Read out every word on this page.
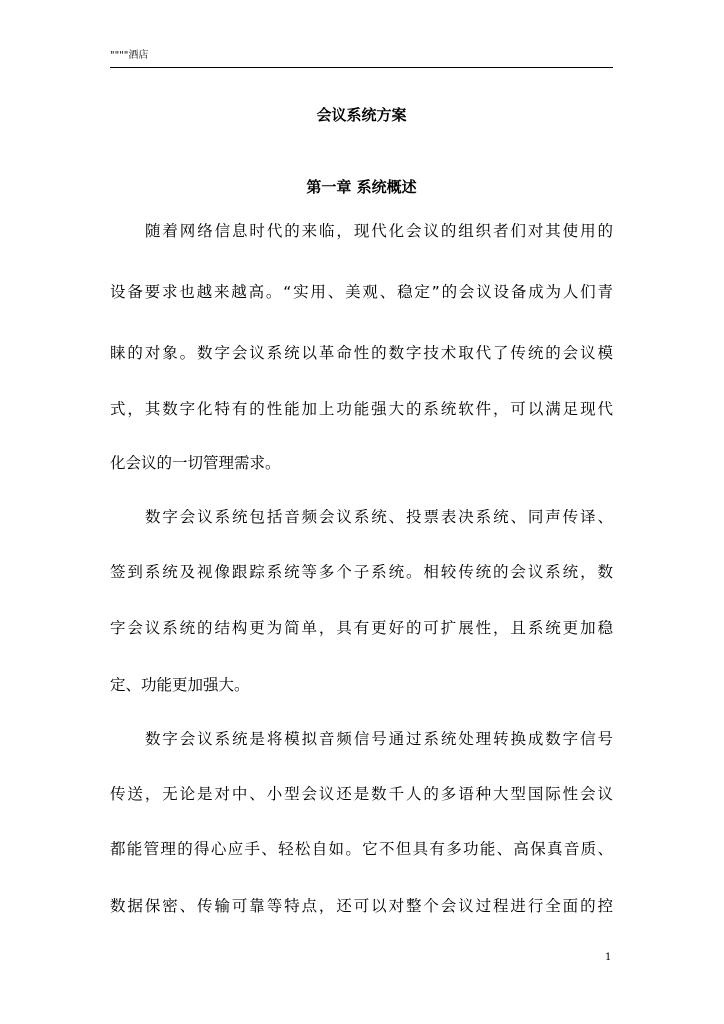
""""酒店
会议系统方案
第一章 系统概述
随着网络信息时代的来临，现代化会议的组织者们对其使用的
设备要求也越来越高。“实用、美观、稳定”的会议设备成为人们青
睐的对象。数字会议系统以革命性的数字技术取代了传统的会议模
式，其数字化特有的性能加上功能强大的系统软件，可以满足现代
化会议的一切管理需求。
数字会议系统包括音频会议系统、投票表决系统、同声传译、
签到系统及视像跟踪系统等多个子系统。相较传统的会议系统，数
字会议系统的结构更为简单，具有更好的可扩展性，且系统更加稳
定、功能更加强大。
数字会议系统是将模拟音频信号通过系统处理转换成数字信号
传送，无论是对中、小型会议还是数千人的多语种大型国际性会议
都能管理的得心应手、轻松自如。它不但具有多功能、高保真音质、
数据保密、传输可靠等特点，还可以对整个会议过程进行全面的控
1
